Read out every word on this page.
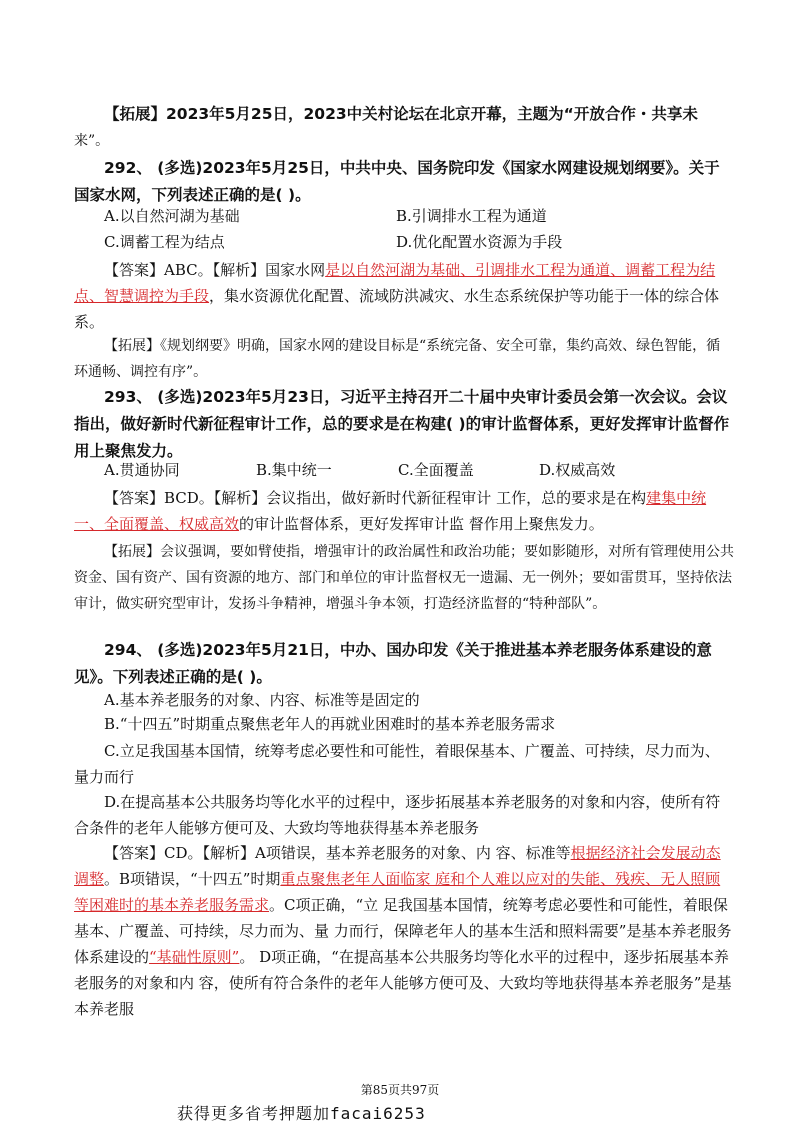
【拓展】2023年5月25日，2023中关村论坛在北京开幕，主题为“开放合作・共享未

来”。

292、 (多选)2023年5月25日，中共中央、国务院印发《国家水网建设规划纲要》。关于国家水网，下列表述正确的是( )。

A.以自然河湖为基础	B.引调排水工程为通道
C.调蓄工程为结点	D.优化配置水资源为手段

【答案】ABC。【解析】国家水网是以自然河湖为基础、引调排水工程为通道、调蓄工程为结点、智慧调控为手段，集水资源优化配置、流域防洪减灾、水生态系统保护等功能于一体的综合体系。

【拓展】《规划纲要》明确，国家水网的建设目标是“系统完备、安全可靠，集约高效、绿色智能，循环通畅、调控有序”。

293、 (多选)2023年5月23日，习近平主持召开二十届中央审计委员会第一次会议。会议指出，做好新时代新征程审计工作，总的要求是在构建( )的审计监督体系，更好发挥审计监督作用上聚焦发力。

A.贯通协同	B.集中统一	C.全面覆盖	D.权威高效

【答案】BCD。【解析】会议指出，做好新时代新征程审计 工作，总的要求是在构建集中统一、全面覆盖、权威高效的审计监督体系，更好发挥审计监 督作用上聚焦发力。

【拓展】会议强调，要如臂使指，增强审计的政治属性和政治功能；要如影随形，对所有管理使用公共资金、国有资产、国有资源的地方、部门和单位的审计监督权无一遗漏、无一例外；要如雷贯耳，坚持依法审计，做实研究型审计，发扬斗争精神，增强斗争本领，打造经济监督的“特种部队”。

294、 (多选)2023年5月21日，中办、国办印发《关于推进基本养老服务体系建设的意见》。下列表述正确的是( )。

A.基本养老服务的对象、内容、标准等是固定的

B.“十四五”时期重点聚焦老年人的再就业困难时的基本养老服务需求

C.立足我国基本国情，统筹考虑必要性和可能性，着眼保基本、广覆盖、可持续，尽力而为、量力而行

D.在提高基本公共服务均等化水平的过程中，逐步拓展基本养老服务的对象和内容，使所有符合条件的老年人能够方便可及、大致均等地获得基本养老服务

【答案】CD。【解析】A项错误，基本养老服务的对象、内 容、标准等根据经济社会发展动态调整。B项错误，“十四五”时期重点聚焦老年人面临家 庭和个人难以应对的失能、残疾、无人照顾等困难时的基本养老服务需求。C项正确，“立 足我国基本国情，统筹考虑必要性和可能性，着眼保基本、广覆盖、可持续，尽力而为、量 力而行，保障老年人的基本生活和照料需要”是基本养老服务体系建设的“基础性原则”。 D项正确，“在提高基本公共服务均等化水平的过程中，逐步拓展基本养老服务的对象和内 容，使所有符合条件的老年人能够方便可及、大致均等地获得基本养老服务”是基本养老服

第85页共97页
获得更多省考押题加facai6253
